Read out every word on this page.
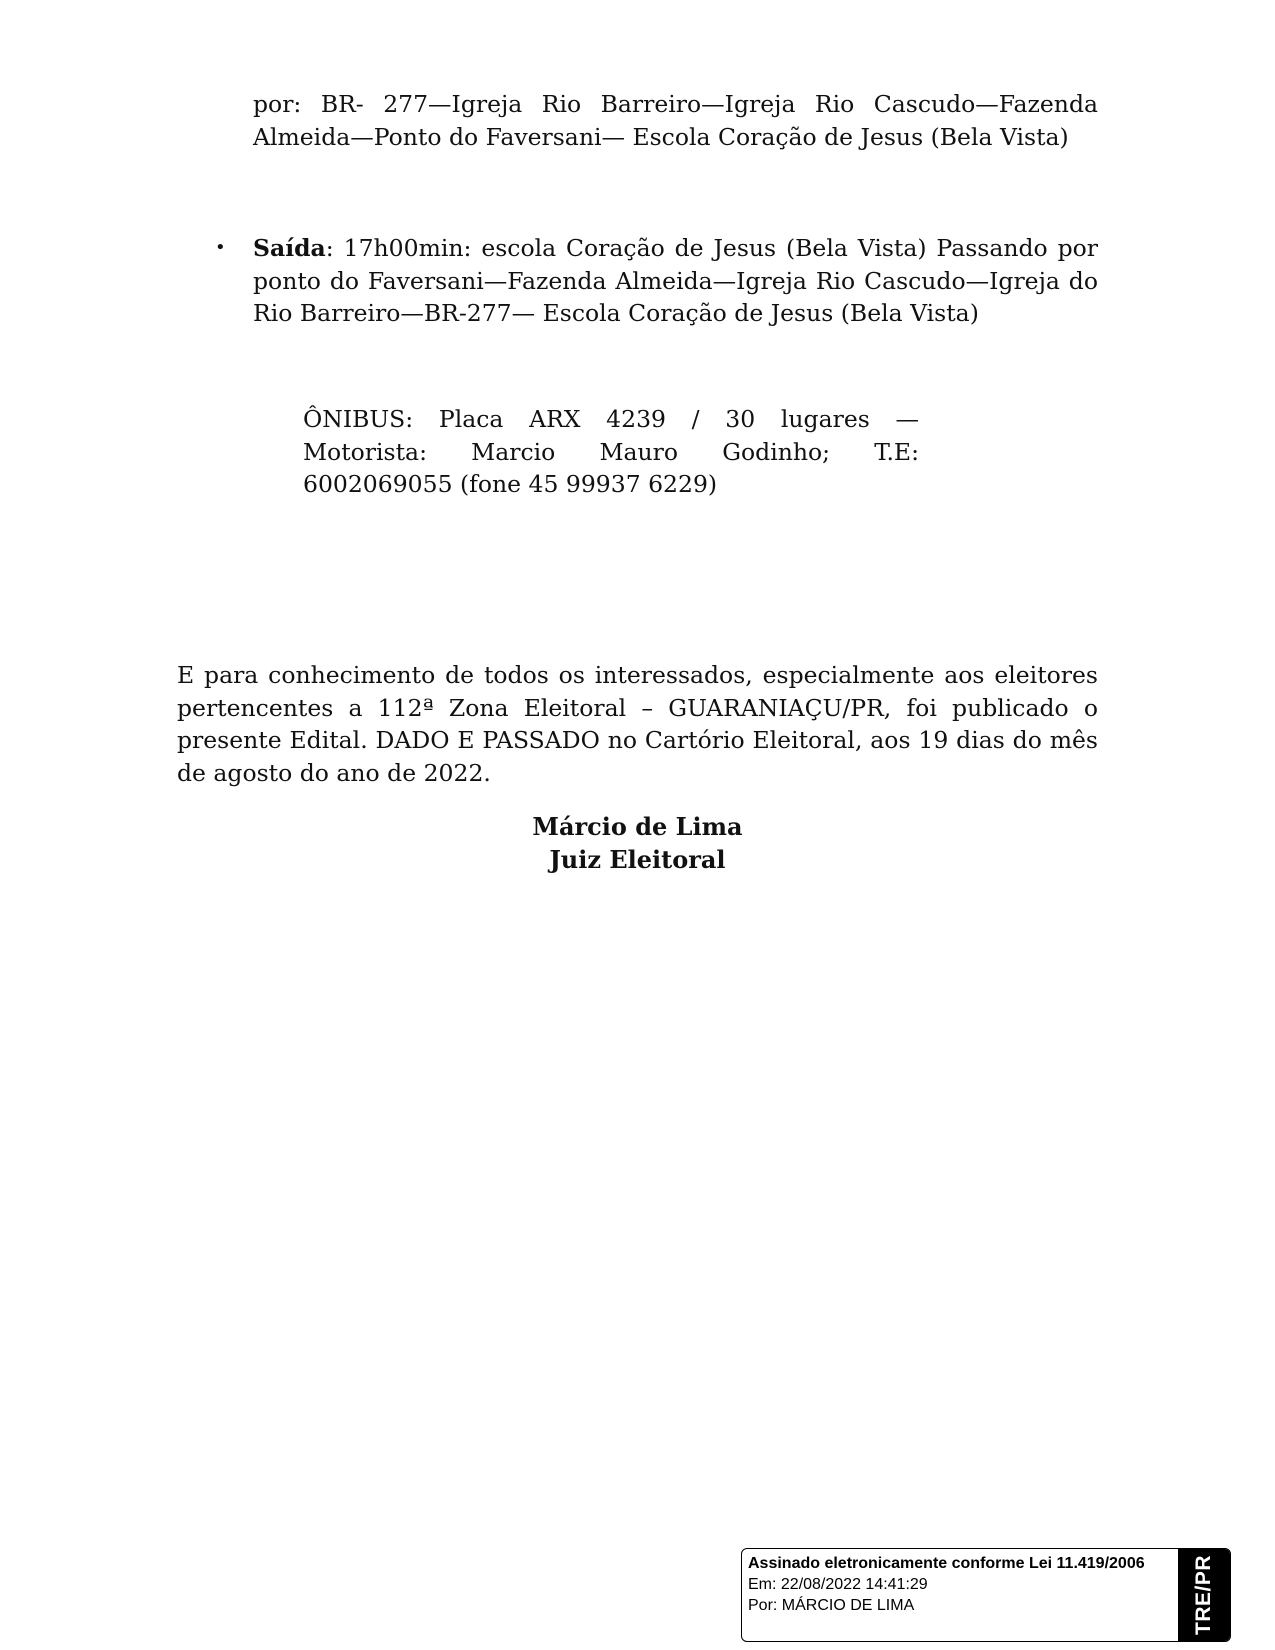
por: BR- 277—Igreja Rio Barreiro—Igreja Rio Cascudo—Fazenda Almeida—Ponto do Faversani— Escola Coração de Jesus (Bela Vista)
• Saída: 17h00min: escola Coração de Jesus (Bela Vista) Passando por ponto do Faversani—Fazenda Almeida—Igreja Rio Cascudo—Igreja do Rio Barreiro—BR-277— Escola Coração de Jesus (Bela Vista)
ÔNIBUS: Placa ARX 4239 / 30 lugares — Motorista: Marcio Mauro Godinho; T.E: 6002069055 (fone 45 99937 6229)
E para conhecimento de todos os interessados, especialmente aos eleitores pertencentes a 112ª Zona Eleitoral – GUARANIAÇU/PR, foi publicado o presente Edital. DADO E PASSADO no Cartório Eleitoral, aos 19 dias do mês de agosto do ano de 2022.
Márcio de Lima
Juiz Eleitoral
Assinado eletronicamente conforme Lei 11.419/2006
Em: 22/08/2022 14:41:29
Por: MÁRCIO DE LIMA	TRE/PR
